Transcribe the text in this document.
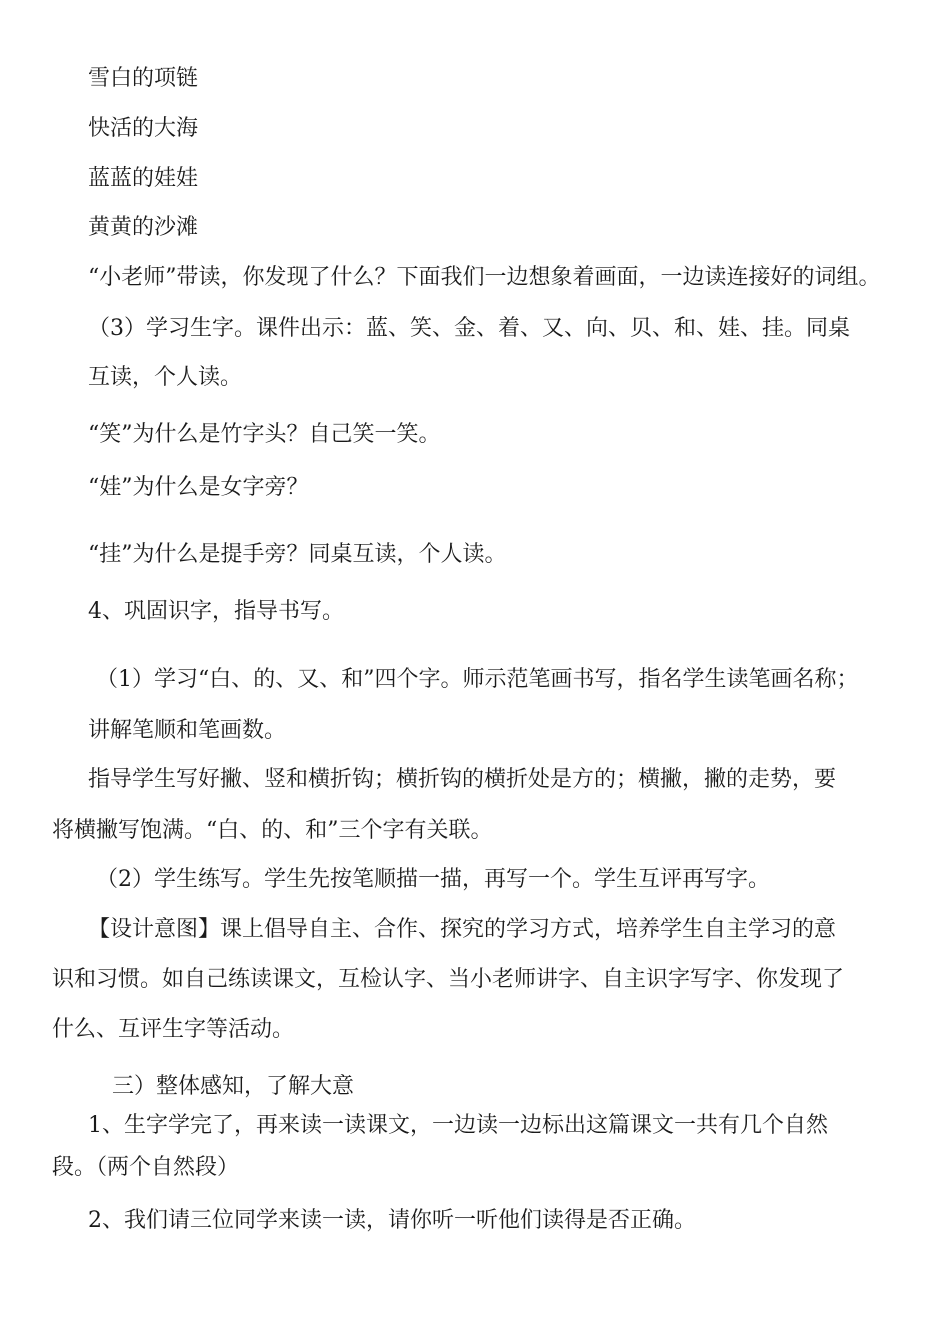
雪白的项链

快活的大海

蓝蓝的娃娃

黄黄的沙滩

“小老师”带读，你发现了什么？下面我们一边想象着画面，一边读连接好的词组。

（3）学习生字。课件出示：蓝、笑、金、着、又、向、贝、和、娃、挂。同桌

互读，个人读。

“笑”为什么是竹字头？自己笑一笑。

“娃”为什么是女字旁？

“挂”为什么是提手旁？同桌互读，个人读。

4、巩固识字，指导书写。

（1）学习“白、的、又、和”四个字。师示范笔画书写，指名学生读笔画名称；

讲解笔顺和笔画数。

指导学生写好撇、竖和横折钩；横折钩的横折处是方的；横撇，撇的走势，要

将横撇写饱满。“白、的、和”三个字有关联。

（2）学生练写。学生先按笔顺描一描，再写一个。学生互评再写字。

【设计意图】课上倡导自主、合作、探究的学习方式，培养学生自主学习的意

识和习惯。如自己练读课文，互检认字、当小老师讲字、自主识字写字、你发现了

什么、互评生字等活动。

三）整体感知，了解大意

1、生字学完了，再来读一读课文，一边读一边标出这篇课文一共有几个自然

段。（两个自然段）

2、我们请三位同学来读一读，请你听一听他们读得是否正确。
